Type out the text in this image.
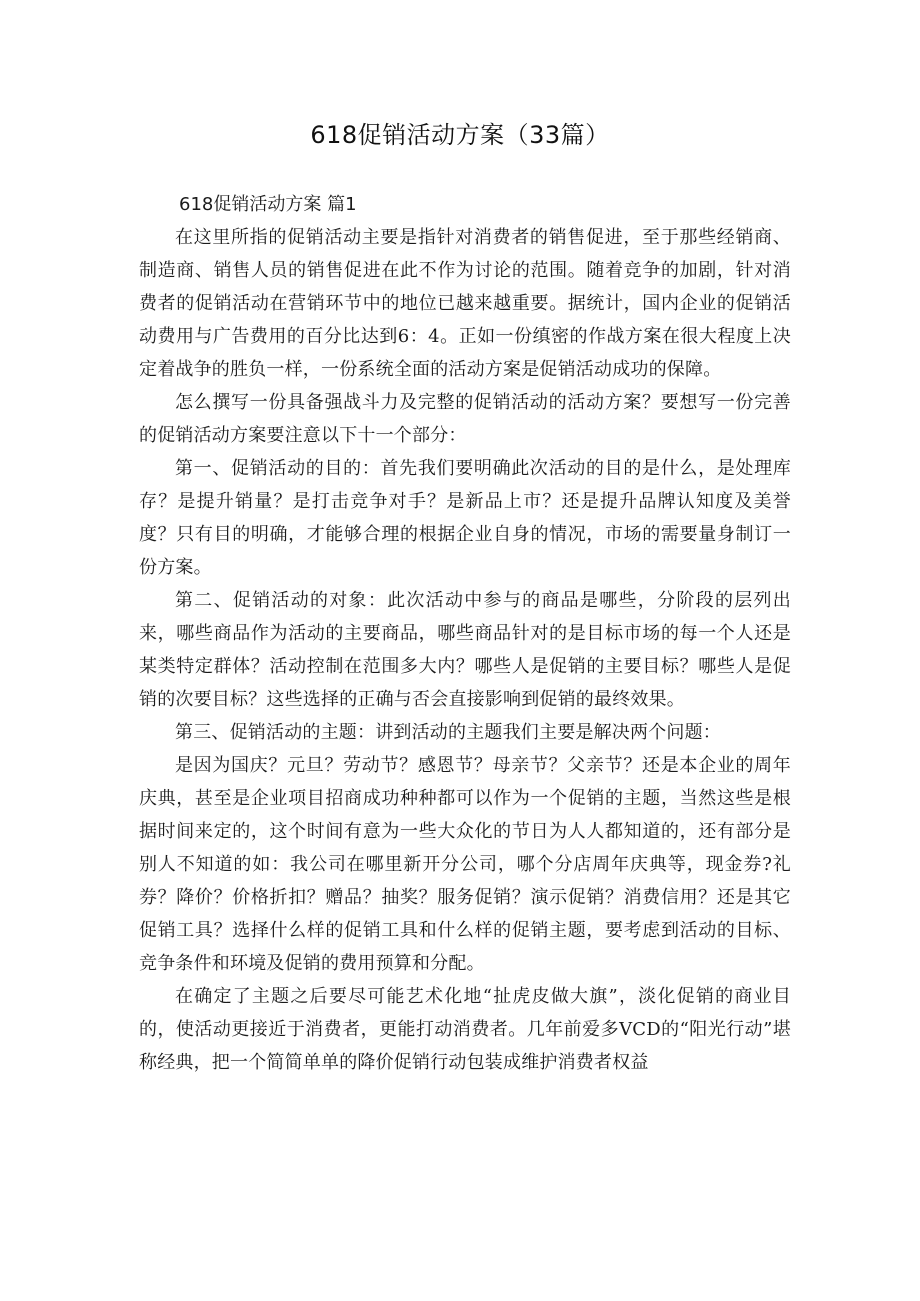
618促销活动方案（33篇）
618促销活动方案 篇1

在这里所指的促销活动主要是指针对消费者的销售促进，至于那些经销商、制造商、销售人员的销售促进在此不作为讨论的范围。随着竞争的加剧，针对消费者的促销活动在营销环节中的地位已越来越重要。据统计，国内企业的促销活动费用与广告费用的百分比达到6：4。正如一份缜密的作战方案在很大程度上决定着战争的胜负一样，一份系统全面的活动方案是促销活动成功的保障。

怎么撰写一份具备强战斗力及完整的促销活动的活动方案？要想写一份完善的促销活动方案要注意以下十一个部分：

第一、促销活动的目的：首先我们要明确此次活动的目的是什么，是处理库存？是提升销量？是打击竞争对手？是新品上市？还是提升品牌认知度及美誉度？只有目的明确，才能够合理的根据企业自身的情况，市场的需要量身制订一份方案。

第二、促销活动的对象：此次活动中参与的商品是哪些，分阶段的层列出来，哪些商品作为活动的主要商品，哪些商品针对的是目标市场的每一个人还是某类特定群体？活动控制在范围多大内？哪些人是促销的主要目标？哪些人是促销的次要目标？这些选择的正确与否会直接影响到促销的最终效果。

第三、促销活动的主题：讲到活动的主题我们主要是解决两个问题：

是因为国庆？元旦？劳动节？感恩节？母亲节？父亲节？还是本企业的周年庆典，甚至是企业项目招商成功种种都可以作为一个促销的主题，当然这些是根据时间来定的，这个时间有意为一些大众化的节日为人人都知道的，还有部分是别人不知道的如：我公司在哪里新开分公司，哪个分店周年庆典等，现金券?礼券？降价？价格折扣？赠品？抽奖？服务促销？演示促销？消费信用？还是其它促销工具？选择什么样的促销工具和什么样的促销主题，要考虑到活动的目标、竞争条件和环境及促销的费用预算和分配。

在确定了主题之后要尽可能艺术化地“扯虎皮做大旗”，淡化促销的商业目的，使活动更接近于消费者，更能打动消费者。几年前爱多VCD的“阳光行动”堪称经典，把一个简简单单的降价促销行动包装成维护消费者权益
